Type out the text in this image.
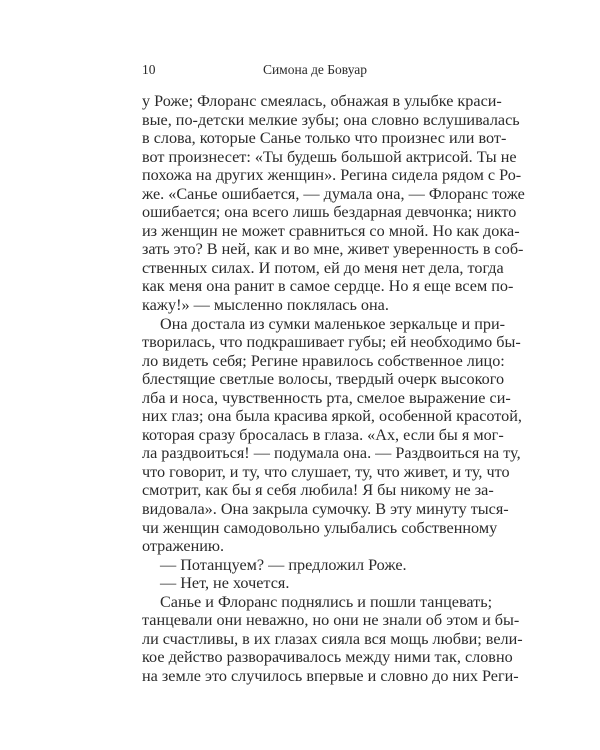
10	Симона де Бовуар
у Роже; Флоранс смеялась, обнажая в улыбке краси-
вые, по-детски мелкие зубы; она словно вслушивалась
в слова, которые Санье только что произнес или вот-
вот произнесет: «Ты будешь большой актрисой. Ты не
похожа на других женщин». Регина сидела рядом с Ро-
же. «Санье ошибается, — думала она, — Флоранс тоже
ошибается; она всего лишь бездарная девчонка; никто
из женщин не может сравниться со мной. Но как дока-
зать это? В ней, как и во мне, живет уверенность в соб-
ственных силах. И потом, ей до меня нет дела, тогда
как меня она ранит в самое сердце. Но я еще всем по-
кажу!» — мысленно поклялась она.
Она достала из сумки маленькое зеркальце и при-
творилась, что подкрашивает губы; ей необходимо бы-
ло видеть себя; Регине нравилось собственное лицо:
блестящие светлые волосы, твердый очерк высокого
лба и носа, чувственность рта, смелое выражение си-
них глаз; она была красива яркой, особенной красотой,
которая сразу бросалась в глаза. «Ах, если бы я мог-
ла раздвоиться! — подумала она. — Раздвоиться на ту,
что говорит, и ту, что слушает, ту, что живет, и ту, что
смотрит, как бы я себя любила! Я бы никому не за-
видовала». Она закрыла сумочку. В эту минуту тыся-
чи женщин самодовольно улыбались собственному
отражению.
— Потанцуем? — предложил Роже.
— Нет, не хочется.
Санье и Флоранс поднялись и пошли танцевать;
танцевали они неважно, но они не знали об этом и бы-
ли счастливы, в их глазах сияла вся мощь любви; вели-
кое действо разворачивалось между ними так, словно
на земле это случилось впервые и словно до них Реги-
